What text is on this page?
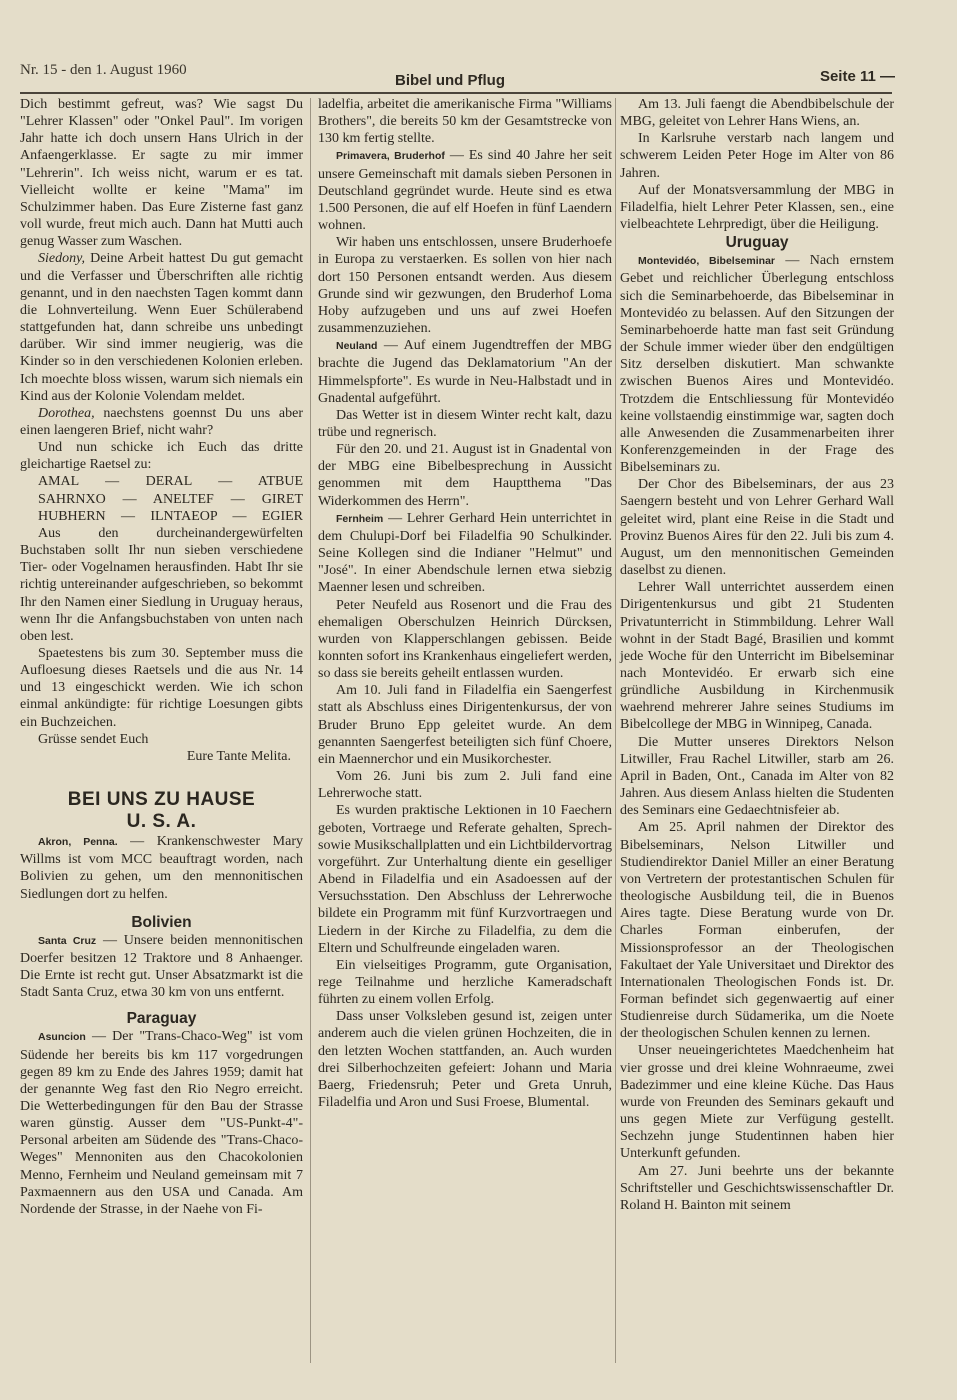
Nr. 15 - den 1. August 1960
Bibel und Pflug	Seite 11 —

Dich bestimmt gefreut, was? Wie sagst Du "Lehrer Klassen" oder "Onkel Paul". Im vorigen Jahr hatte ich doch unsern Hans Ulrich in der Anfaengerklasse. Er sagte zu mir immer "Lehrerin". Ich weiss nicht, warum er es tat. Vielleicht wollte er keine "Mama" im Schulzimmer haben. Das Eure Zisterne fast ganz voll wurde, freut mich auch. Dann hat Mutti auch genug Wasser zum Waschen.

Siedony, Deine Arbeit hattest Du gut gemacht und die Verfasser und Überschriften alle richtig genannt, und in den naechsten Tagen kommt dann die Lohnverteilung. Wenn Euer Schülerabend stattgefunden hat, dann schreibe uns unbedingt darüber. Wir sind immer neugierig, was die Kinder so in den verschiedenen Kolonien erleben. Ich moechte bloss wissen, warum sich niemals ein Kind aus der Kolonie Volendam meldet.

Dorothea, naechstens goennst Du uns aber einen laengeren Brief, nicht wahr?

Und nun schicke ich Euch das dritte gleichartige Raetsel zu:

AMAL — DERAL — ATBUE

SAHRNXO — ANELTEF — GIRET

HUBHERN — ILNTAEOP — EGIER

Aus den durcheinandergewürfelten Buchstaben sollt Ihr nun sieben verschiedene Tier- oder Vogelnamen herausfinden. Habt Ihr sie richtig untereinander aufgeschrieben, so bekommt Ihr den Namen einer Siedlung in Uruguay heraus, wenn Ihr die Anfangsbuchstaben von unten nach oben lest.

Spaetestens bis zum 30. September muss die Aufloesung dieses Raetsels und die aus Nr. 14 und 13 eingeschickt werden. Wie ich schon einmal ankündigte: für richtige Loesungen gibts ein Buchzeichen.

Grüsse sendet Euch

Eure Tante Melita.

BEI UNS ZU HAUSE
U. S. A.

Akron, Penna. — Krankenschwester Mary Willms ist vom MCC beauftragt worden, nach Bolivien zu gehen, um den mennonitischen Siedlungen dort zu helfen.

Bolivien

Santa Cruz — Unsere beiden mennonitischen Doerfer besitzen 12 Traktore und 8 Anhaenger. Die Ernte ist recht gut. Unser Absatzmarkt ist die Stadt Santa Cruz, etwa 30 km von uns entfernt.

Paraguay

Asuncion — Der "Trans-Chaco-Weg" ist vom Südende her bereits bis km 117 vorgedrungen gegen 89 km zu Ende des Jahres 1959; damit hat der genannte Weg fast den Rio Negro erreicht. Die Wetterbedingungen für den Bau der Strasse waren günstig. Ausser dem "US-Punkt-4"-Personal arbeiten am Südende des "Trans-Chaco-Weges" Mennoniten aus den Chacokolonien Menno, Fernheim und Neuland gemeinsam mit 7 Paxmaennern aus den USA und Canada. Am Nordende der Strasse, in der Naehe von Fi-

ladelfia, arbeitet die amerikanische Firma "Williams Brothers", die bereits 50 km der Gesamtstrecke von 130 km fertig stellte.

Primavera, Bruderhof — Es sind 40 Jahre her seit unsere Gemeinschaft mit damals sieben Personen in Deutschland gegründet wurde. Heute sind es etwa 1.500 Personen, die auf elf Hoefen in fünf Laendern wohnen.

Wir haben uns entschlossen, unsere Bruderhoefe in Europa zu verstaerken. Es sollen von hier nach dort 150 Personen entsandt werden. Aus diesem Grunde sind wir gezwungen, den Bruderhof Loma Hoby aufzugeben und uns auf zwei Hoefen zusammenzuziehen.

Neuland — Auf einem Jugendtreffen der MBG brachte die Jugend das Deklamatorium "An der Himmelspforte". Es wurde in Neu-Halbstadt und in Gnadental aufgeführt.

Das Wetter ist in diesem Winter recht kalt, dazu trübe und regnerisch.

Für den 20. und 21. August ist in Gnadental von der MBG eine Bibelbesprechung in Aussicht genommen mit dem Hauptthema "Das Widerkommen des Herrn".

Fernheim — Lehrer Gerhard Hein unterrichtet in dem Chulupi-Dorf bei Filadelfia 90 Schulkinder. Seine Kollegen sind die Indianer "Helmut" und "José". In einer Abendschule lernen etwa siebzig Maenner lesen und schreiben.

Peter Neufeld aus Rosenort und die Frau des ehemaligen Oberschulzen Heinrich Dürcksen, wurden von Klapperschlangen gebissen. Beide konnten sofort ins Krankenhaus eingeliefert werden, so dass sie bereits geheilt entlassen wurden.

Am 10. Juli fand in Filadelfia ein Saengerfest statt als Abschluss eines Dirigentenkursus, der von Bruder Bruno Epp geleitet wurde. An dem genannten Saengerfest beteiligten sich fünf Choere, ein Maennerchor und ein Musikorchester.

Vom 26. Juni bis zum 2. Juli fand eine Lehrerwoche statt.

Es wurden praktische Lektionen in 10 Faechern geboten, Vortraege und Referate gehalten, Sprech- sowie Musikschallplatten und ein Lichtbildervortrag vorgeführt. Zur Unterhaltung diente ein geselliger Abend in Filadelfia und ein Asadoessen auf der Versuchsstation. Den Abschluss der Lehrerwoche bildete ein Programm mit fünf Kurzvortraegen und Liedern in der Kirche zu Filadelfia, zu dem die Eltern und Schulfreunde eingeladen waren.

Ein vielseitiges Programm, gute Organisation, rege Teilnahme und herzliche Kameradschaft führten zu einem vollen Erfolg.

Dass unser Volksleben gesund ist, zeigen unter anderem auch die vielen grünen Hochzeiten, die in den letzten Wochen stattfanden, an. Auch wurden drei Silberhochzeiten gefeiert: Johann und Maria Baerg, Friedensruh; Peter und Greta Unruh, Filadelfia und Aron und Susi Froese, Blumental.

Am 13. Juli faengt die Abendbibelschule der MBG, geleitet von Lehrer Hans Wiens, an.

In Karlsruhe verstarb nach langem und schwerem Leiden Peter Hoge im Alter von 86 Jahren.

Auf der Monatsversammlung der MBG in Filadelfia, hielt Lehrer Peter Klassen, sen., eine vielbeachtete Lehrpredigt, über die Heiligung.

Uruguay

Montevidéo, Bibelseminar — Nach ernstem Gebet und reichlicher Überlegung entschloss sich die Seminarbehoerde, das Bibelseminar in Montevidéo zu belassen. Auf den Sitzungen der Seminarbehoerde hatte man fast seit Gründung der Schule immer wieder über den endgültigen Sitz derselben diskutiert. Man schwankte zwischen Buenos Aires und Montevidéo. Trotzdem die Entschliessung für Montevidéo keine vollstaendig einstimmige war, sagten doch alle Anwesenden die Zusammenarbeiten ihrer Konferenzgemeinden in der Frage des Bibelseminars zu.

Der Chor des Bibelseminars, der aus 23 Saengern besteht und von Lehrer Gerhard Wall geleitet wird, plant eine Reise in die Stadt und Provinz Buenos Aires für den 22. Juli bis zum 4. August, um den mennonitischen Gemeinden daselbst zu dienen.

Lehrer Wall unterrichtet ausserdem einen Dirigentenkursus und gibt 21 Studenten Privatunterricht in Stimmbildung. Lehrer Wall wohnt in der Stadt Bagé, Brasilien und kommt jede Woche für den Unterricht im Bibelseminar nach Montevidéo. Er erwarb sich eine gründliche Ausbildung in Kirchenmusik waehrend mehrerer Jahre seines Studiums im Bibelcollege der MBG in Winnipeg, Canada.

Die Mutter unseres Direktors Nelson Litwiller, Frau Rachel Litwiller, starb am 26. April in Baden, Ont., Canada im Alter von 82 Jahren. Aus diesem Anlass hielten die Studenten des Seminars eine Gedaechtnisfeier ab.

Am 25. April nahmen der Direktor des Bibelseminars, Nelson Litwiller und Studiendirektor Daniel Miller an einer Beratung von Vertretern der protestantischen Schulen für theologische Ausbildung teil, die in Buenos Aires tagte. Diese Beratung wurde von Dr. Charles Forman einberufen, der Missionsprofessor an der Theologischen Fakultaet der Yale Universitaet und Direktor des Internationalen Theologischen Fonds ist. Dr. Forman befindet sich gegenwaertig auf einer Studienreise durch Südamerika, um die Noete der theologischen Schulen kennen zu lernen.

Unser neueingerichtetes Maedchenheim hat vier grosse und drei kleine Wohnraeume, zwei Badezimmer und eine kleine Küche. Das Haus wurde von Freunden des Seminars gekauft und uns gegen Miete zur Verfügung gestellt. Sechzehn junge Studentinnen haben hier Unterkunft gefunden.

Am 27. Juni beehrte uns der bekannte Schriftsteller und Geschichtswissenschaftler Dr. Roland H. Bainton mit seinem
